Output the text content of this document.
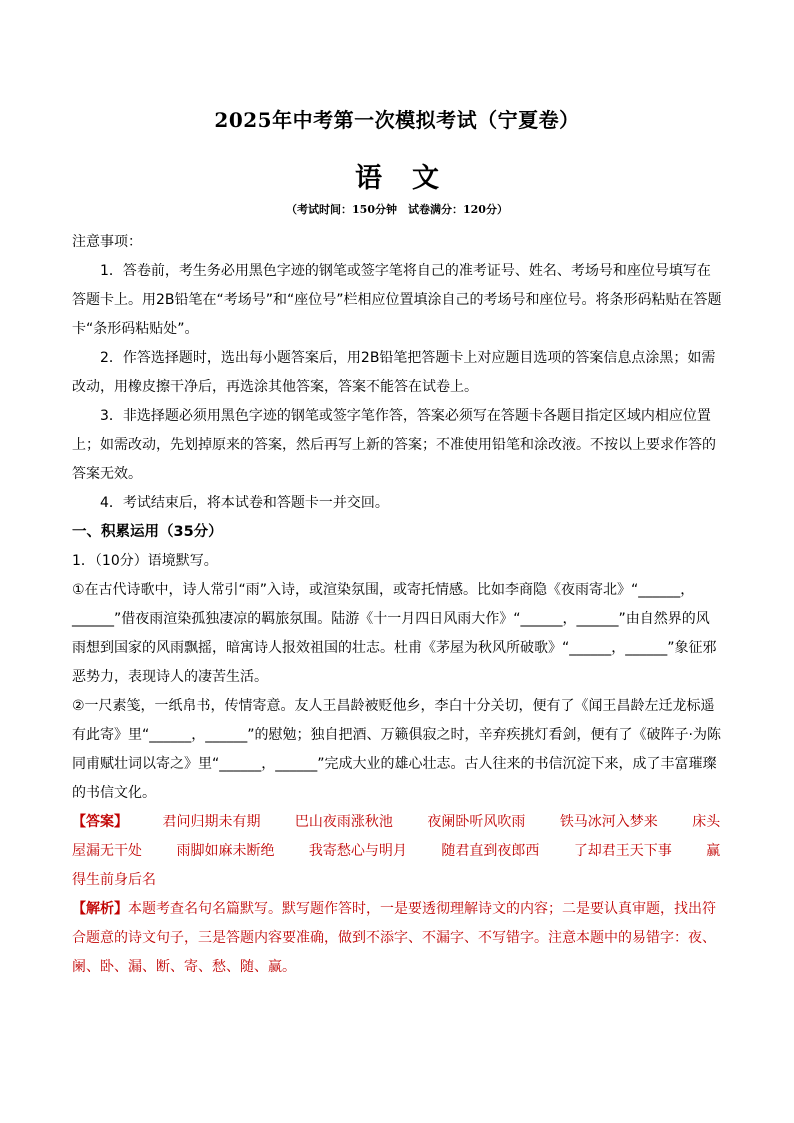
2025年中考第一次模拟考试（宁夏卷）
语文
（考试时间：150分钟　试卷满分：120分）

注意事项：

1．答卷前，考生务必用黑色字迹的钢笔或签字笔将自己的准考证号、姓名、考场号和座位号填写在答题卡上。用2B铅笔在“考场号”和“座位号”栏相应位置填涂自己的考场号和座位号。将条形码粘贴在答题卡“条形码粘贴处”。

2．作答选择题时，选出每小题答案后，用2B铅笔把答题卡上对应题目选项的答案信息点涂黑；如需改动，用橡皮擦干净后，再选涂其他答案，答案不能答在试卷上。

3．非选择题必须用黑色字迹的钢笔或签字笔作答，答案必须写在答题卡各题目指定区域内相应位置上；如需改动，先划掉原来的答案，然后再写上新的答案；不准使用铅笔和涂改液。不按以上要求作答的答案无效。

4．考试结束后，将本试卷和答题卡一并交回。

一、积累运用（35分）

1．（10分）语境默写。

①在古代诗歌中，诗人常引“雨”入诗，或渲染氛围，或寄托情感。比如李商隐《夜雨寄北》“______，______”借夜雨渲染孤独凄凉的羁旅氛围。陆游《十一月四日风雨大作》“______，______”由自然界的风雨想到国家的风雨飘摇，暗寓诗人报效祖国的壮志。杜甫《茅屋为秋风所破歌》“______，______”象征邪恶势力，表现诗人的凄苦生活。

②一尺素笺，一纸帛书，传情寄意。友人王昌龄被贬他乡，李白十分关切，便有了《闻王昌龄左迁龙标遥有此寄》里“______，______”的慰勉；独自把酒、万籁俱寂之时，辛弃疾挑灯看剑，便有了《破阵子·为陈同甫赋壮词以寄之》里“______，______”完成大业的雄心壮志。古人往来的书信沉淀下来，成了丰富璀璨的书信文化。

【答案】 君问归期未有期 巴山夜雨涨秋池 夜阑卧听风吹雨 铁马冰河入梦来 床头屋漏无干处 雨脚如麻未断绝 我寄愁心与明月 随君直到夜郎西 了却君王天下事 赢得生前身后名

【解析】本题考查名句名篇默写。默写题作答时，一是要透彻理解诗文的内容；二是要认真审题，找出符合题意的诗文句子，三是答题内容要准确，做到不添字、不漏字、不写错字。注意本题中的易错字：夜、阑、卧、漏、断、寄、愁、随、赢。
